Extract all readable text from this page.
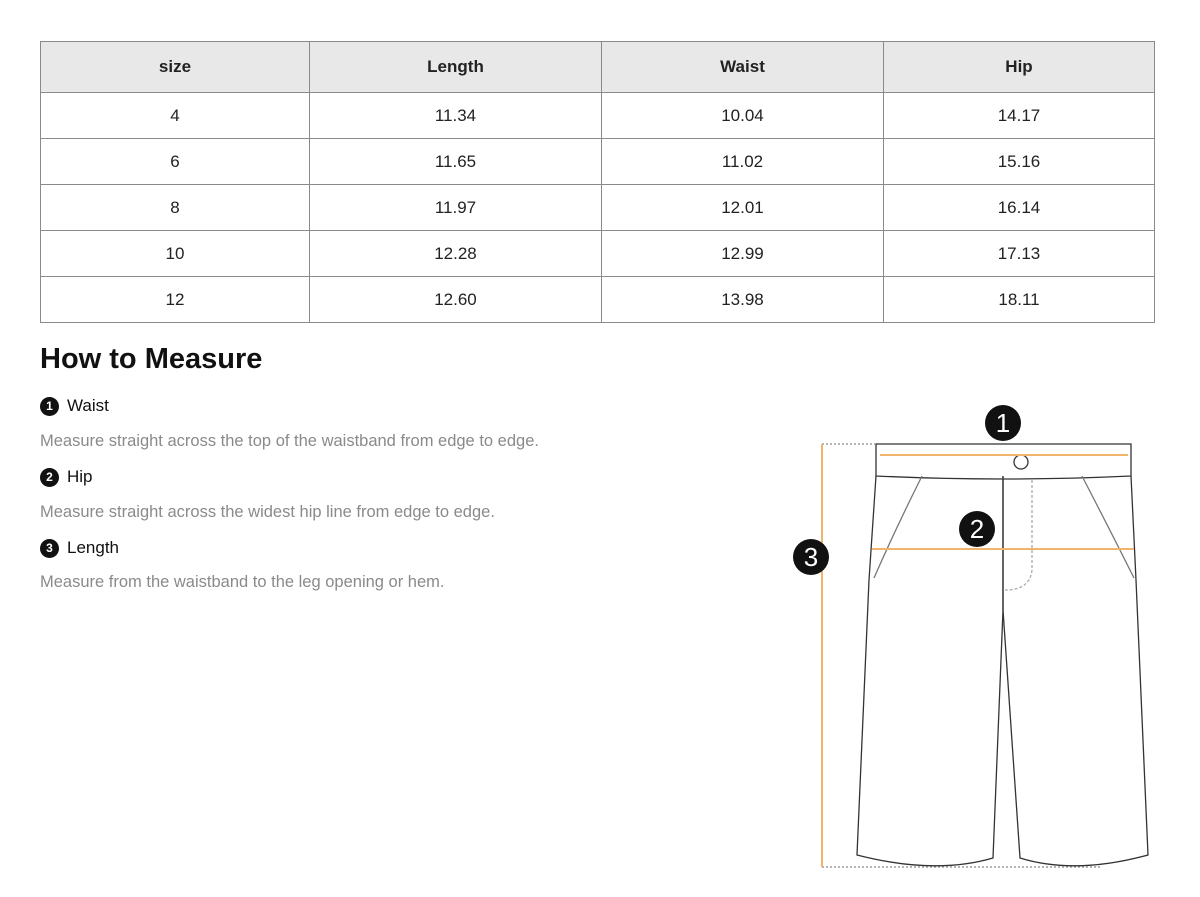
size	Length	Waist	Hip
4	11.34	10.04	14.17
6	11.65	11.02	15.16
8	11.97	12.01	16.14
10	12.28	12.99	17.13
12	12.60	13.98	18.11
How to Measure
1 Waist

Measure straight across the top of the waistband from edge to edge.

2 Hip

Measure straight across the widest hip line from edge to edge.

3 Length

Measure from the waistband to the leg opening or hem.

1
2
3
